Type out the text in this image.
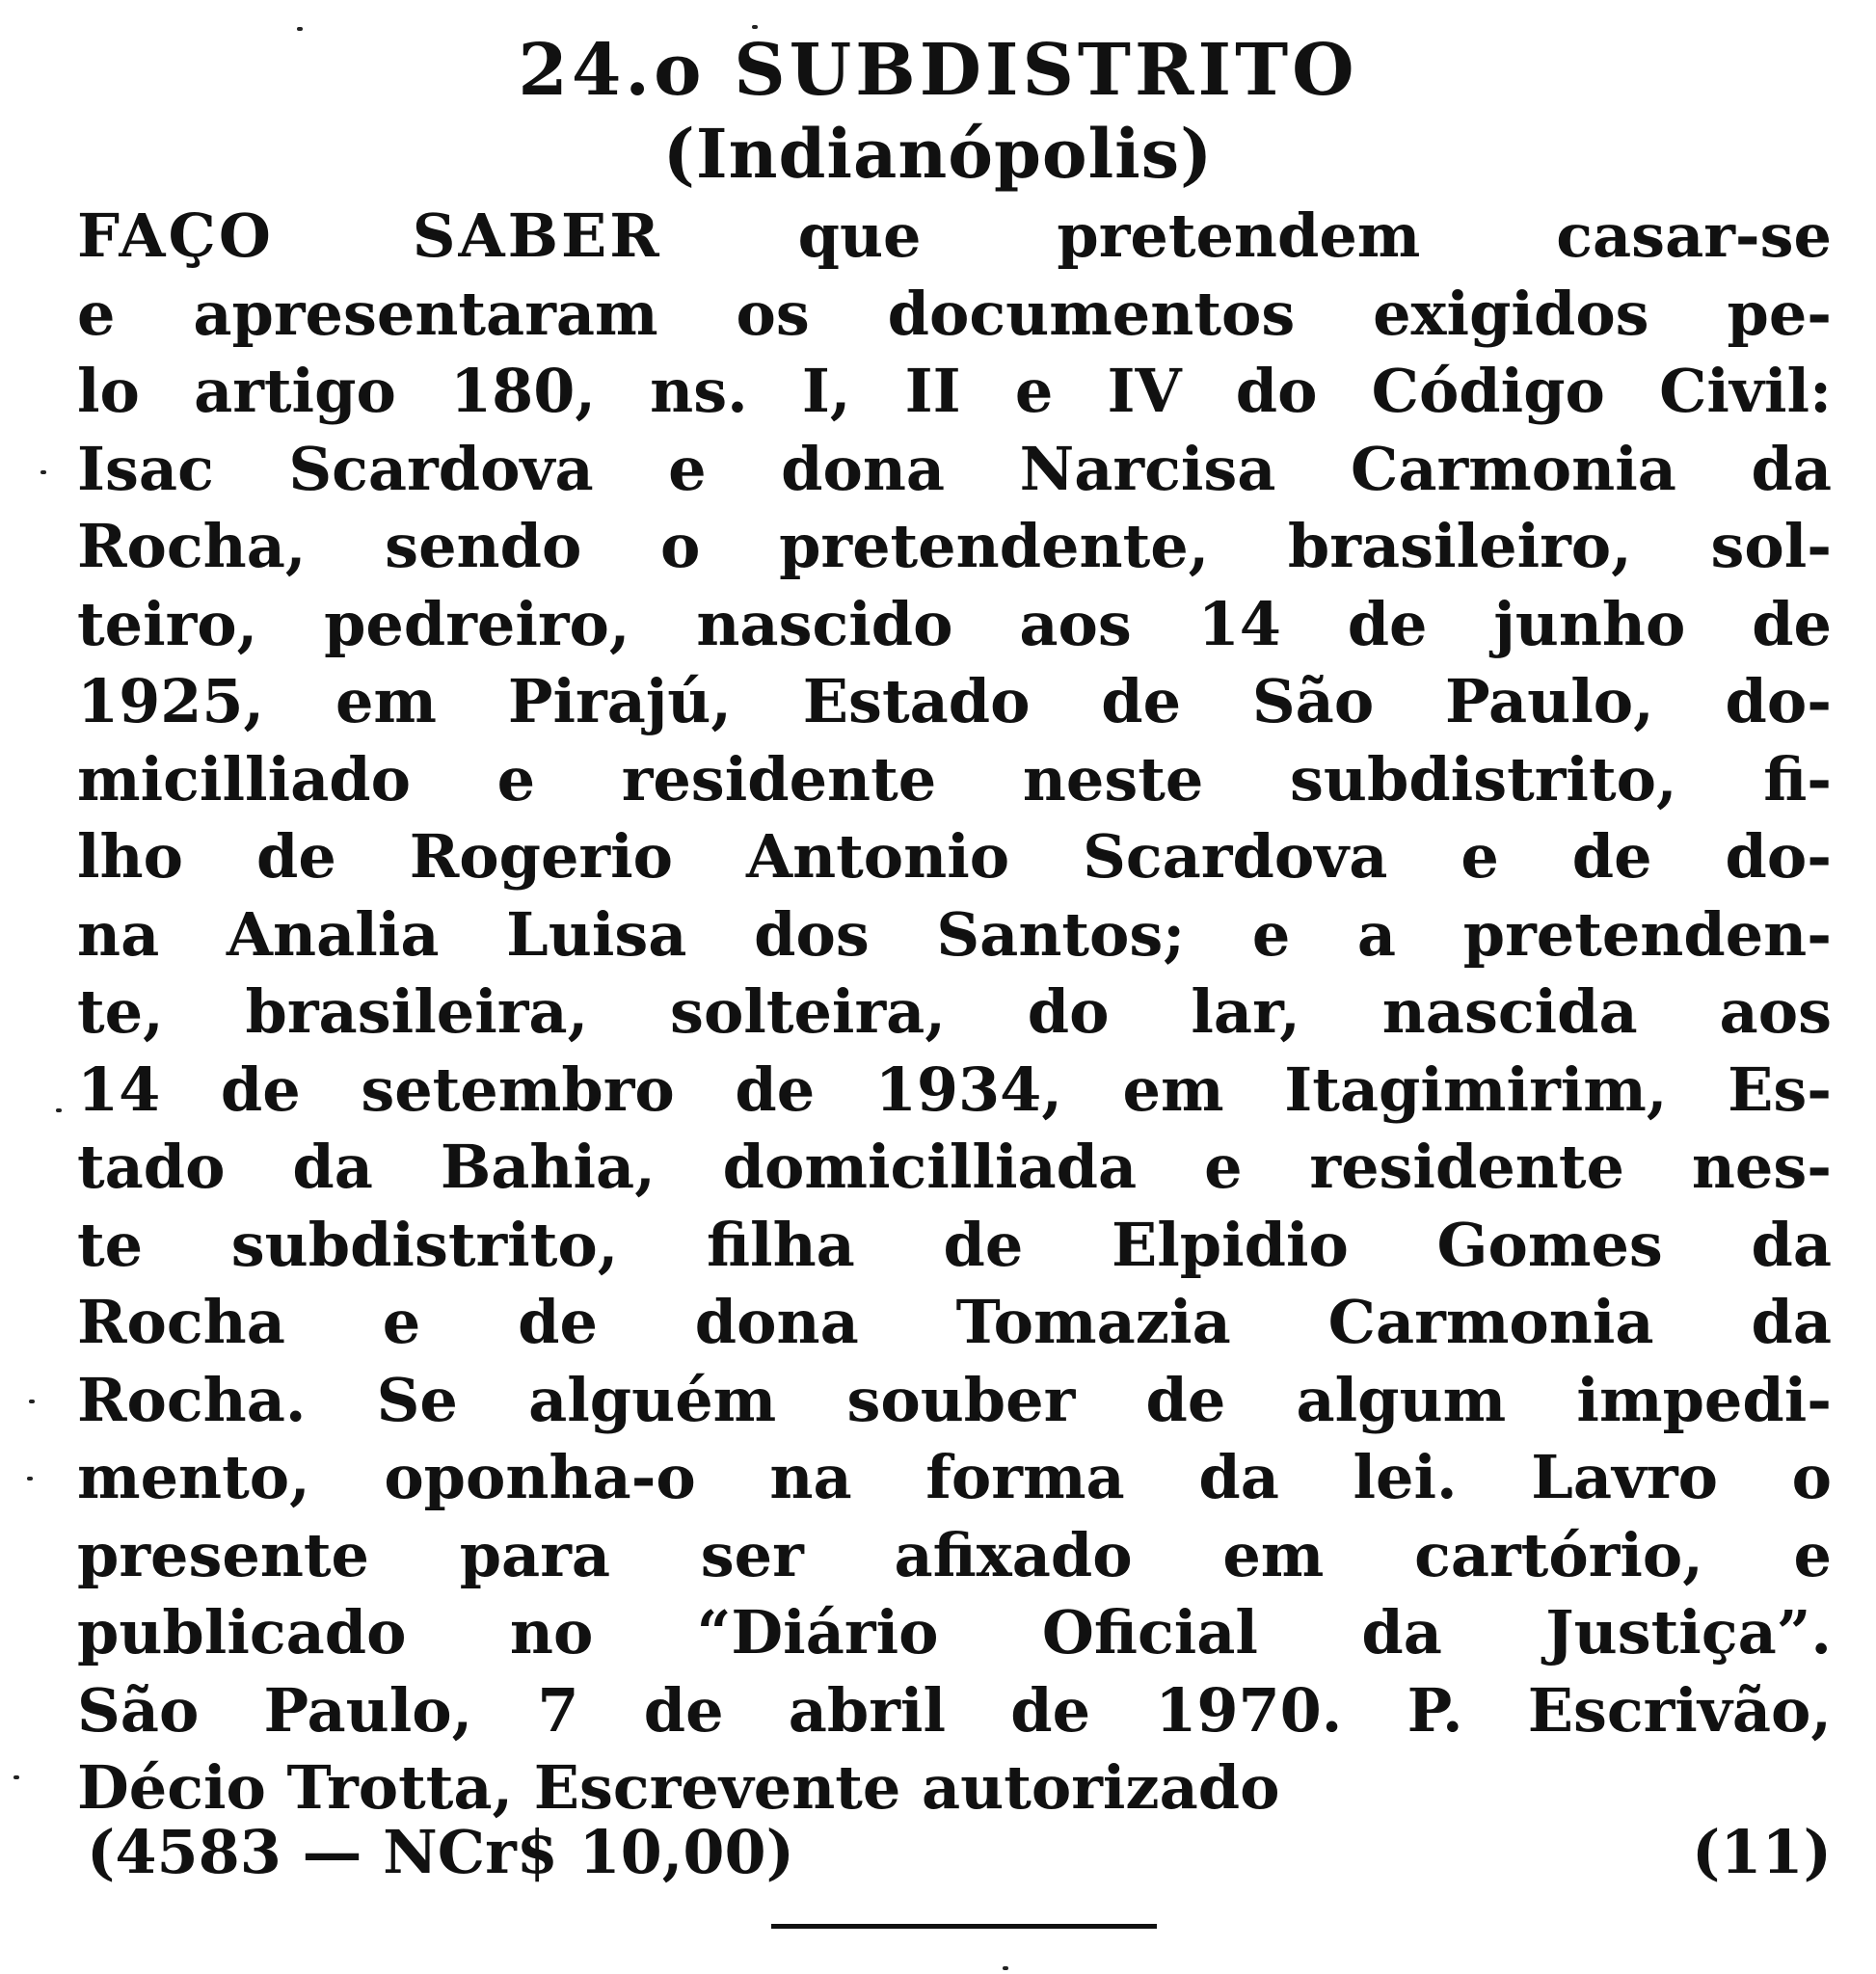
24.o SUBDISTRITO
(Indianópolis)
FAÇO SABER que pretendem casar-se
e apresentaram os documentos exigidos pe-
lo artigo 180, ns. I, II e IV do Código Civil:
Isac Scardova e dona Narcisa Carmonia da
Rocha, sendo o pretendente, brasileiro, sol-
teiro, pedreiro, nascido aos 14 de junho de
1925, em Pirajú, Estado de São Paulo, do-
micilliado e residente neste subdistrito, fi-
lho de Rogerio Antonio Scardova e de do-
na Analia Luisa dos Santos; e a pretenden-
te, brasileira, solteira, do lar, nascida aos
14 de setembro de 1934, em Itagimirim, Es-
tado da Bahia, domicilliada e residente nes-
te subdistrito, filha de Elpidio Gomes da
Rocha e de dona Tomazia Carmonia da
Rocha. Se alguém souber de algum impedi-
mento, oponha-o na forma da lei. Lavro o
presente para ser afixado em cartório, e
publicado no “Diário Oficial da Justiça”.
São Paulo, 7 de abril de 1970. P. Escrivão,
Décio Trotta, Escrevente autorizado
(4583 — NCr$ 10,00)	(11)
